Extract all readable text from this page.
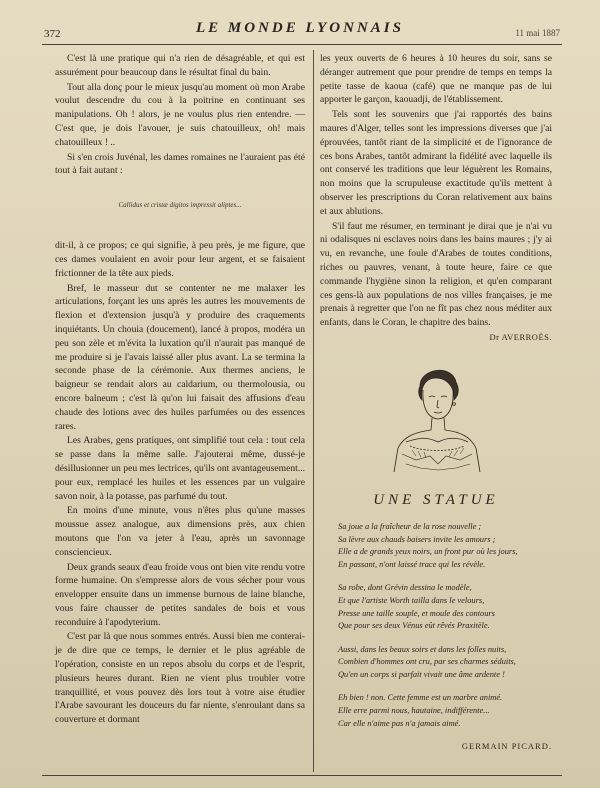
372	LE MONDE LYONNAIS	11 mai 1887

C'est là une pratique qui n'a rien de désagréable, et qui est assurément pour beaucoup dans le résultat final du bain.

Tout alla donç pour le mieux jusqu'au moment où mon Arabe voulut descendre du cou à la poitrine en continuant ses manipulations. Oh ! alors, je ne voulus plus rien entendre. — C'est que, je dois l'avouer, je suis chatouilleux, oh! mais chatouilleux ! ..

Si s'en crois Juvénal, les dames romaines ne l'auraient pas été tout à fait autant :

Callidus et cristæ digitos impressit aliptes...

dit-il, à ce propos; ce qui signifie, à peu près, je me figure, que ces dames voulaient en avoir pour leur argent, et se faisaient frictionner de la tête aux pieds.

Bref, le masseur dut se contenter ne me malaxer les articulations, forçant les uns après les autres les mouvements de flexion et d'extension jusqu'à y produire des craquements inquiétants. Un chouia (doucement), lancé à propos, modéra un peu son zèle et m'évita la luxation qu'il n'aurait pas manqué de me produire si je l'avais laissé aller plus avant. La se termina la seconde phase de la cérémonie. Aux thermes anciens, le baigneur se rendait alors au caldarium, ou thermolousia, ou encore balneum ; c'est là qu'on lui faisait des affusions d'eau chaude des lotions avec des huiles parfumées ou des essences rares.

Les Arabes, gens pratiques, ont simplifié tout cela : tout cela se passe dans la même salle. J'ajouterai même, dussé-je désillusionner un peu mes lectrices, qu'ils ont avantageusement... pour eux, remplacé les huiles et les essences par un vulgaire savon noir, à la potasse, pas parfumé du tout.

En moins d'une minute, vous n'êtes plus qu'une masses moussue assez analogue, aux dimensions près, aux chien moutons que l'on va jeter à l'eau, après un savonnage consciencieux.

Deux grands seaux d'eau froide vous ont bien vite rendu votre forme humaine. On s'empresse alors de vous sécher pour vous envelopper ensuite dans un immense burnous de laine blanche, vous faire chausser de petites sandales de bois et vous reconduire à l'apodyterium.

C'est par là que nous sommes entrés. Aussi bien me conterai-je de dire que ce temps, le dernier et le plus agréable de l'opération, consiste en un repos absolu du corps et de l'esprit, plusieurs heures durant. Rien ne vient plus troubler votre tranquillité, et vous pouvez dès lors tout à votre aise étudier l'Arabe savourant les douceurs du far niente, s'enroulant dans sa couverture et dormant

les yeux ouverts de 6 heures à 10 heures du soir, sans se déranger autrement que pour prendre de temps en temps la petite tasse de kaoua (café) que ne manque pas de lui apporter le garçon, kaouadji, de l'établissement.

Tels sont les souvenirs que j'ai rapportés des bains maures d'Alger, telles sont les impressions diverses que j'ai éprouvées, tantôt riant de la simplicité et de l'ignorance de ces bons Arabes, tantôt admirant la fidélité avec laquelle ils ont conservé les traditions que leur léguèrent les Romains, non moins que la scrupuleuse exactitude qu'ils mettent à observer les prescriptions du Coran relativement aux bains et aux ablutions.

S'il faut me résumer, en terminant je dirai que je n'ai vu ni odalisques ni esclaves noirs dans les bains maures ; j'y ai vu, en revanche, une foule d'Arabes de toutes conditions, riches ou pauvres, venant, à toute heure, faire ce que commande l'hygiène sinon la religion, et qu'en comparant ces gens-là aux populations de nos villes françaises, je me prenais à regretter que l'on ne fît pas chez nous méditer aux enfants, dans le Coran, le chapitre des bains.

Dr AVERROÈS.

UNE STATUE
Sa joue a la fraîcheur de la rose nouvelle ;
Sa lèvre aux chauds baisers invite les amours ;
Elle a de grands yeux noirs, un front pur où les jours,
En passant, n'ont laissé trace qui les révèle.
Sa robe, dont Grévin dessina le modèle,
Et que l'artiste Worth tailla dans le velours,
Presse une taille souple, et moule des contours
Que pour ses deux Vénus eût rêvés Praxitèle.
Aussi, dans les beaux soirs et dans les folles nuits,
Combien d'hommes ont cru, par ses charmes séduits,
Qu'en un corps si parfait vivait une âme ardente !
Eh bien ! non. Cette femme est un marbre animé.
Elle erre parmi nous, hautaine, indifférente...
Car elle n'aime pas n'a jamais aimé.
GERMAIN PICARD.
